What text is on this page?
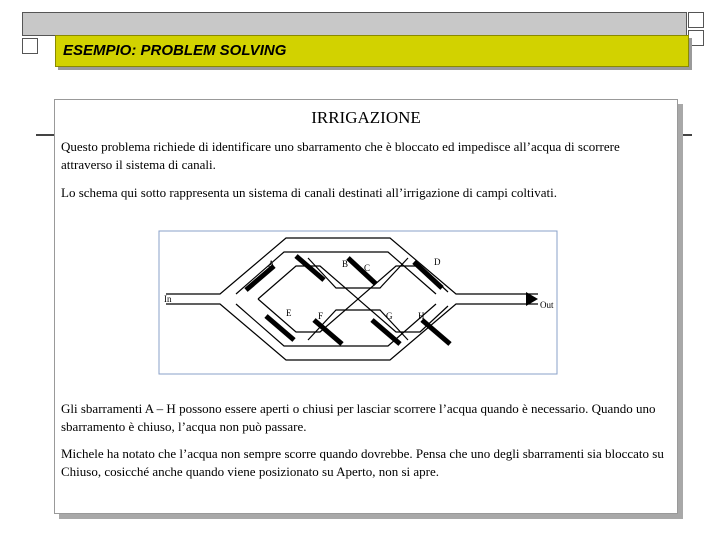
ESEMPIO: PROBLEM SOLVING
IRRIGAZIONE

Questo problema richiede di identificare uno sbarramento che è bloccato ed impedisce all’acqua di scorrere attraverso il sistema di canali.

Lo schema qui sotto rappresenta un sistema di canali destinati all’irrigazione di campi coltivati.

In
Out
A	B C
D
E	F	G	H

Gli sbarramenti A – H possono essere aperti o chiusi per lasciar scorrere l’acqua quando è necessario. Quando uno sbarramento è chiuso, l’acqua non può passare.

Michele ha notato che l’acqua non sempre scorre quando dovrebbe. Pensa che uno degli sbarramenti sia bloccato su Chiuso, cosicché anche quando viene posizionato su Aperto, non si apre.
